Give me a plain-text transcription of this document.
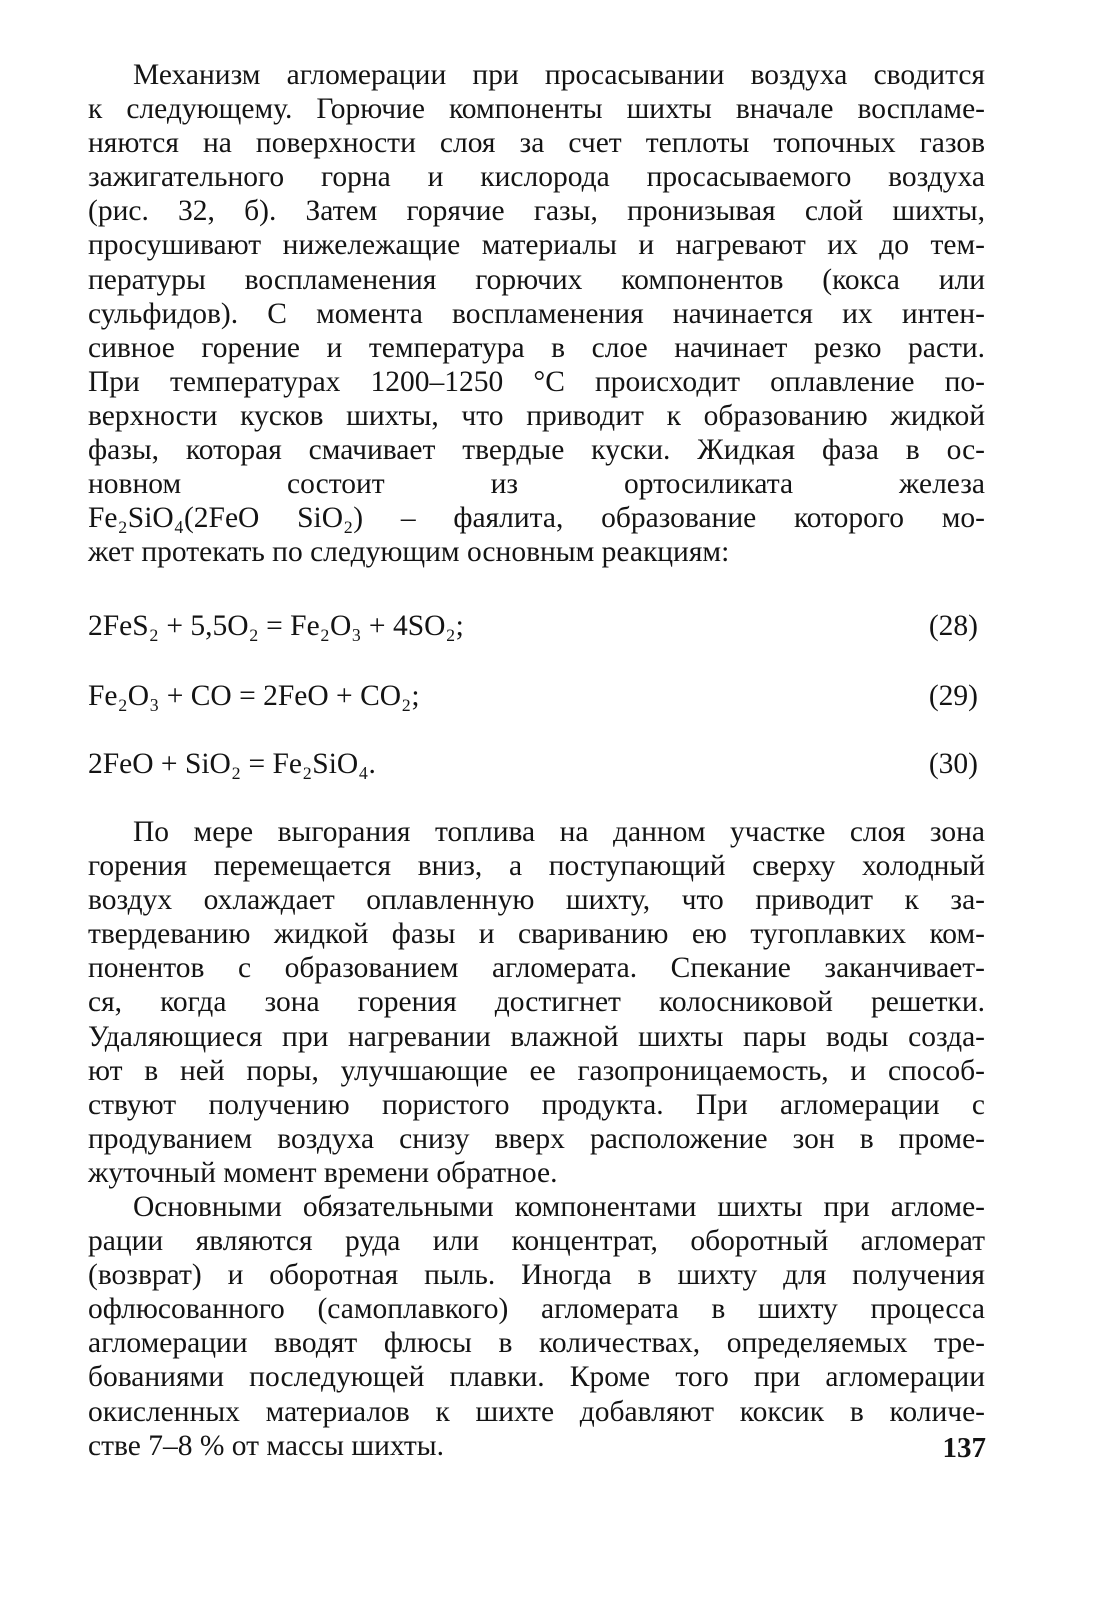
Механизм агломерации при просасывании воздуха сводится
к следующему. Горючие компоненты шихты вначале воспламе-
няются на поверхности слоя за счет теплоты топочных газов
зажигательного горна и кислорода просасываемого воздуха
(рис. 32, б). Затем горячие газы, пронизывая слой шихты,
просушивают нижележащие материалы и нагревают их до тем-
пературы воспламенения горючих компонентов (кокса или
сульфидов). С момента воспламенения начинается их интен-
сивное горение и температура в слое начинает резко расти.
При температурах 1200–1250 °С происходит оплавление по-
верхности кусков шихты, что приводит к образованию жидкой
фазы, которая смачивает твердые куски. Жидкая фаза в ос-
новном состоит из ортосиликата железа
Fe₂SiO₄(2FeO SiO₂) – фаялита, образование которого мо-
жет протекать по следующим основным реакциям:
2FeS₂ + 5,5O₂ = Fe₂O₃ + 4SO₂;	(28)
Fe₂O₃ + CO = 2FeO + CO₂;	(29)
2FeO + SiO₂ = Fe₂SiO₄.	(30)
По мере выгорания топлива на данном участке слоя зона
горения перемещается вниз, а поступающий сверху холодный
воздух охлаждает оплавленную шихту, что приводит к за-
твердеванию жидкой фазы и свариванию ею тугоплавких ком-
понентов с образованием агломерата. Спекание заканчивает-
ся, когда зона горения достигнет колосниковой решетки.
Удаляющиеся при нагревании влажной шихты пары воды созда-
ют в ней поры, улучшающие ее газопроницаемость, и способ-
ствуют получению пористого продукта. При агломерации с
продуванием воздуха снизу вверх расположение зон в проме-
жуточный момент времени обратное.
Основными обязательными компонентами шихты при агломе-
рации являются руда или концентрат, оборотный агломерат
(возврат) и оборотная пыль. Иногда в шихту для получения
офлюсованного (самоплавкого) агломерата в шихту процесса
агломерации вводят флюсы в количествах, определяемых тре-
бованиями последующей плавки. Кроме того при агломерации
окисленных материалов к шихте добавляют коксик в количе-
стве 7–8 % от массы шихты.	137
